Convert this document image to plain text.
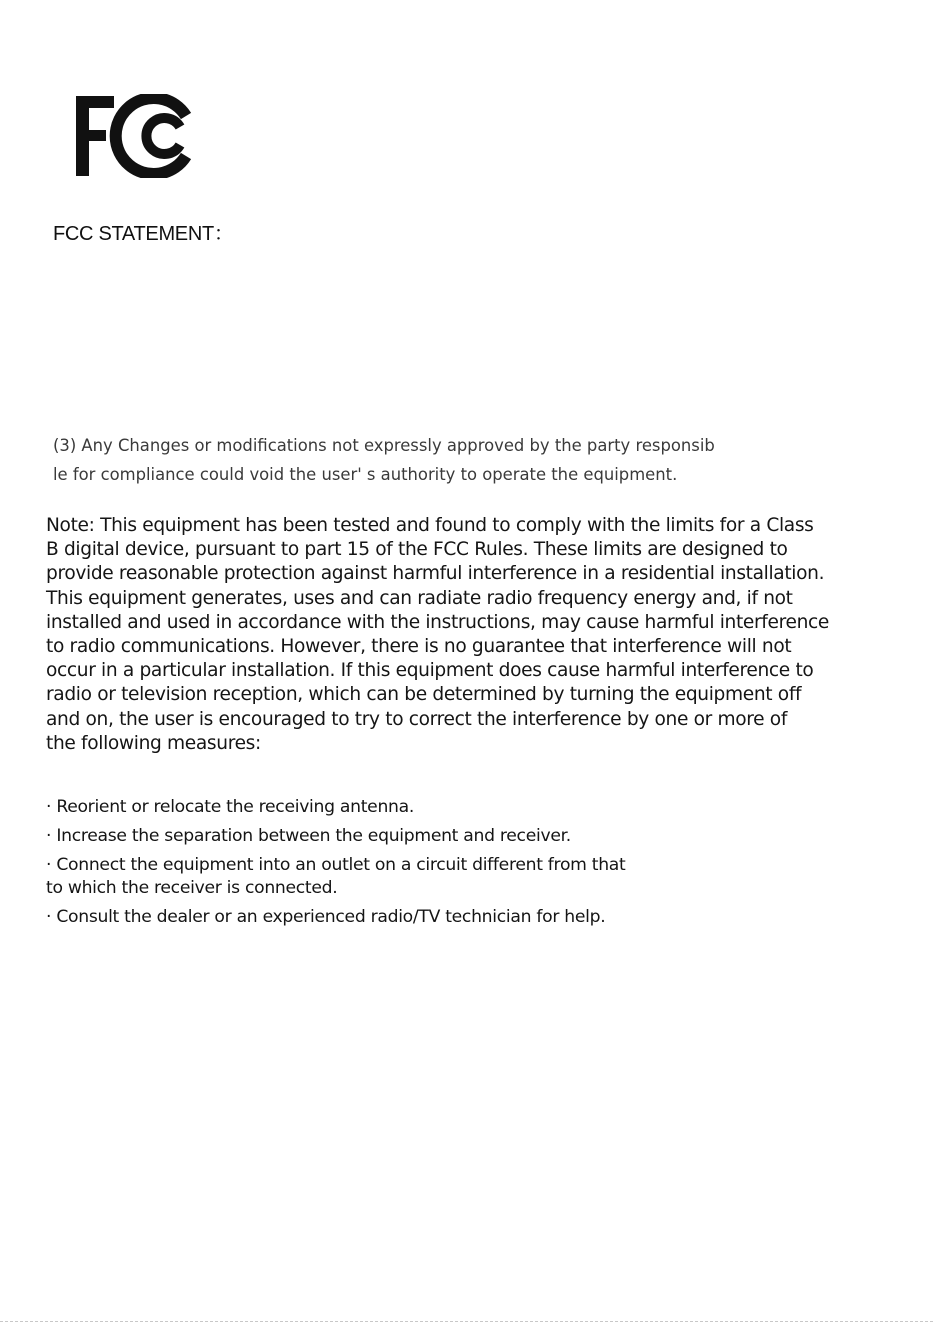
FCC STATEMENT：
(3) Any Changes or modifications not expressly approved by the party responsib
le for compliance could void the user' s authority to operate the equipment.
Note: This equipment has been tested and found to comply with the limits for a Class
B digital device, pursuant to part 15 of the FCC Rules. These limits are designed to
provide reasonable protection against harmful interference in a residential installation.
This equipment generates, uses and can radiate radio frequency energy and, if not
installed and used in accordance with the instructions, may cause harmful interference
to radio communications. However, there is no guarantee that interference will not
occur in a particular installation. If this equipment does cause harmful interference to
radio or television reception, which can be determined by turning the equipment off
and on, the user is encouraged to try to correct the interference by one or more of
the following measures:
· Reorient or relocate the receiving antenna.
· Increase the separation between the equipment and receiver.
· Connect the equipment into an outlet on a circuit different from that
to which the receiver is connected.
· Consult the dealer or an experienced radio/TV technician for help.
